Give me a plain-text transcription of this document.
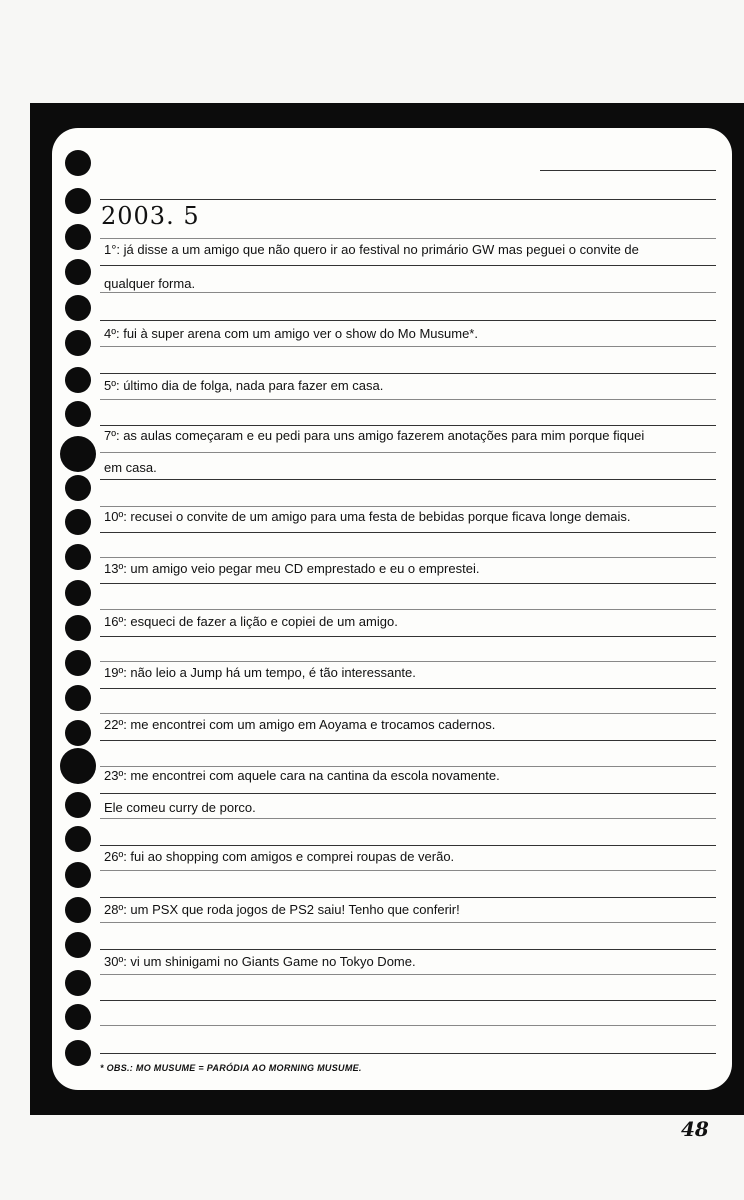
2003. 5
1°: já disse a um amigo que não quero ir ao festival no primário GW mas peguei o convite de
qualquer forma.
4º: fui à super arena com um amigo ver o show do Mo Musume*.
5º: último dia de folga, nada para fazer em casa.
7º: as aulas começaram e eu pedi para uns amigo fazerem anotações para mim porque fiquei
em casa.
10º: recusei o convite de um amigo para uma festa de bebidas porque ficava longe demais.
13º: um amigo veio pegar meu CD emprestado e eu o emprestei.
16º: esqueci de fazer a lição e copiei de um amigo.
19º: não leio a Jump há um tempo, é tão interessante.
22º: me encontrei com um amigo em Aoyama e trocamos cadernos.
23º: me encontrei com aquele cara na cantina da escola novamente.
Ele comeu curry de porco.
26º: fui ao shopping com amigos e comprei roupas de verão.
28º: um PSX que roda jogos de PS2 saiu! Tenho que conferir!
30º: vi um shinigami no Giants Game no Tokyo Dome.
* OBS.: MO MUSUME = PARÓDIA AO MORNING MUSUME.
48
